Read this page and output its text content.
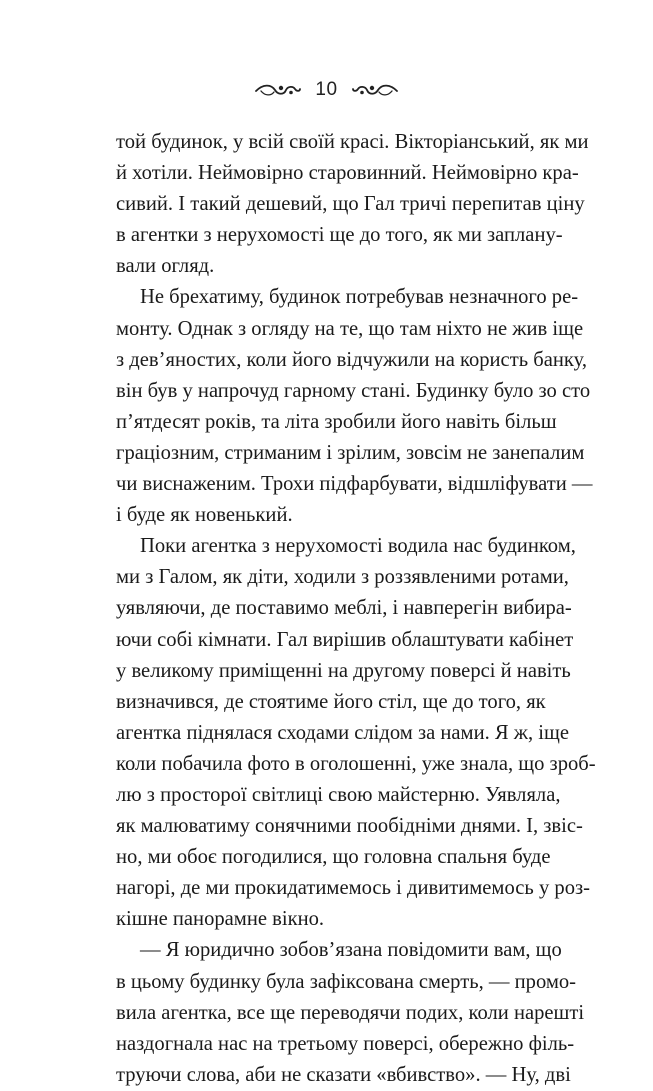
10
той будинок, у всій своїй красі. Вікторіанський, як ми
й хотіли. Неймовірно старовинний. Неймовірно кра-
сивий. І такий дешевий, що Гал тричі перепитав ціну
в агентки з нерухомості ще до того, як ми заплану-
вали огляд.
Не брехатиму, будинок потребував незначного ре-
монту. Однак з огляду на те, що там ніхто не жив іще
з дев’яностих, коли його відчужили на користь банку,
він був у напрочуд гарному стані. Будинку було зо сто
п’ятдесят років, та літа зробили його навіть більш
граціозним, стриманим і зрілим, зовсім не занепалим
чи виснаженим. Трохи підфарбувати, відшліфувати —
і буде як новенький.
Поки агентка з нерухомості водила нас будинком,
ми з Галом, як діти, ходили з роззявленими ротами,
уявляючи, де поставимо меблі, і навперегін вибира-
ючи собі кімнати. Гал вирішив облаштувати кабінет
у великому приміщенні на другому поверсі й навіть
визначився, де стоятиме його стіл, ще до того, як
агентка піднялася сходами слідом за нами. Я ж, іще
коли побачила фото в оголошенні, уже знала, що зроб-
лю з просторої світлиці свою майстерню. Уявляла,
як малюватиму сонячними пообідніми днями. І, звіс-
но, ми обоє погодилися, що головна спальня буде
нагорі, де ми прокидатимемось і дивитимемось у роз-
кішне панорамне вікно.
— Я юридично зобов’язана повідомити вам, що
в цьому будинку була зафіксована смерть, — промо-
вила агентка, все ще переводячи подих, коли нарешті
наздогнала нас на третьому поверсі, обережно філь-
труючи слова, аби не сказати «вбивство». — Ну, дві
